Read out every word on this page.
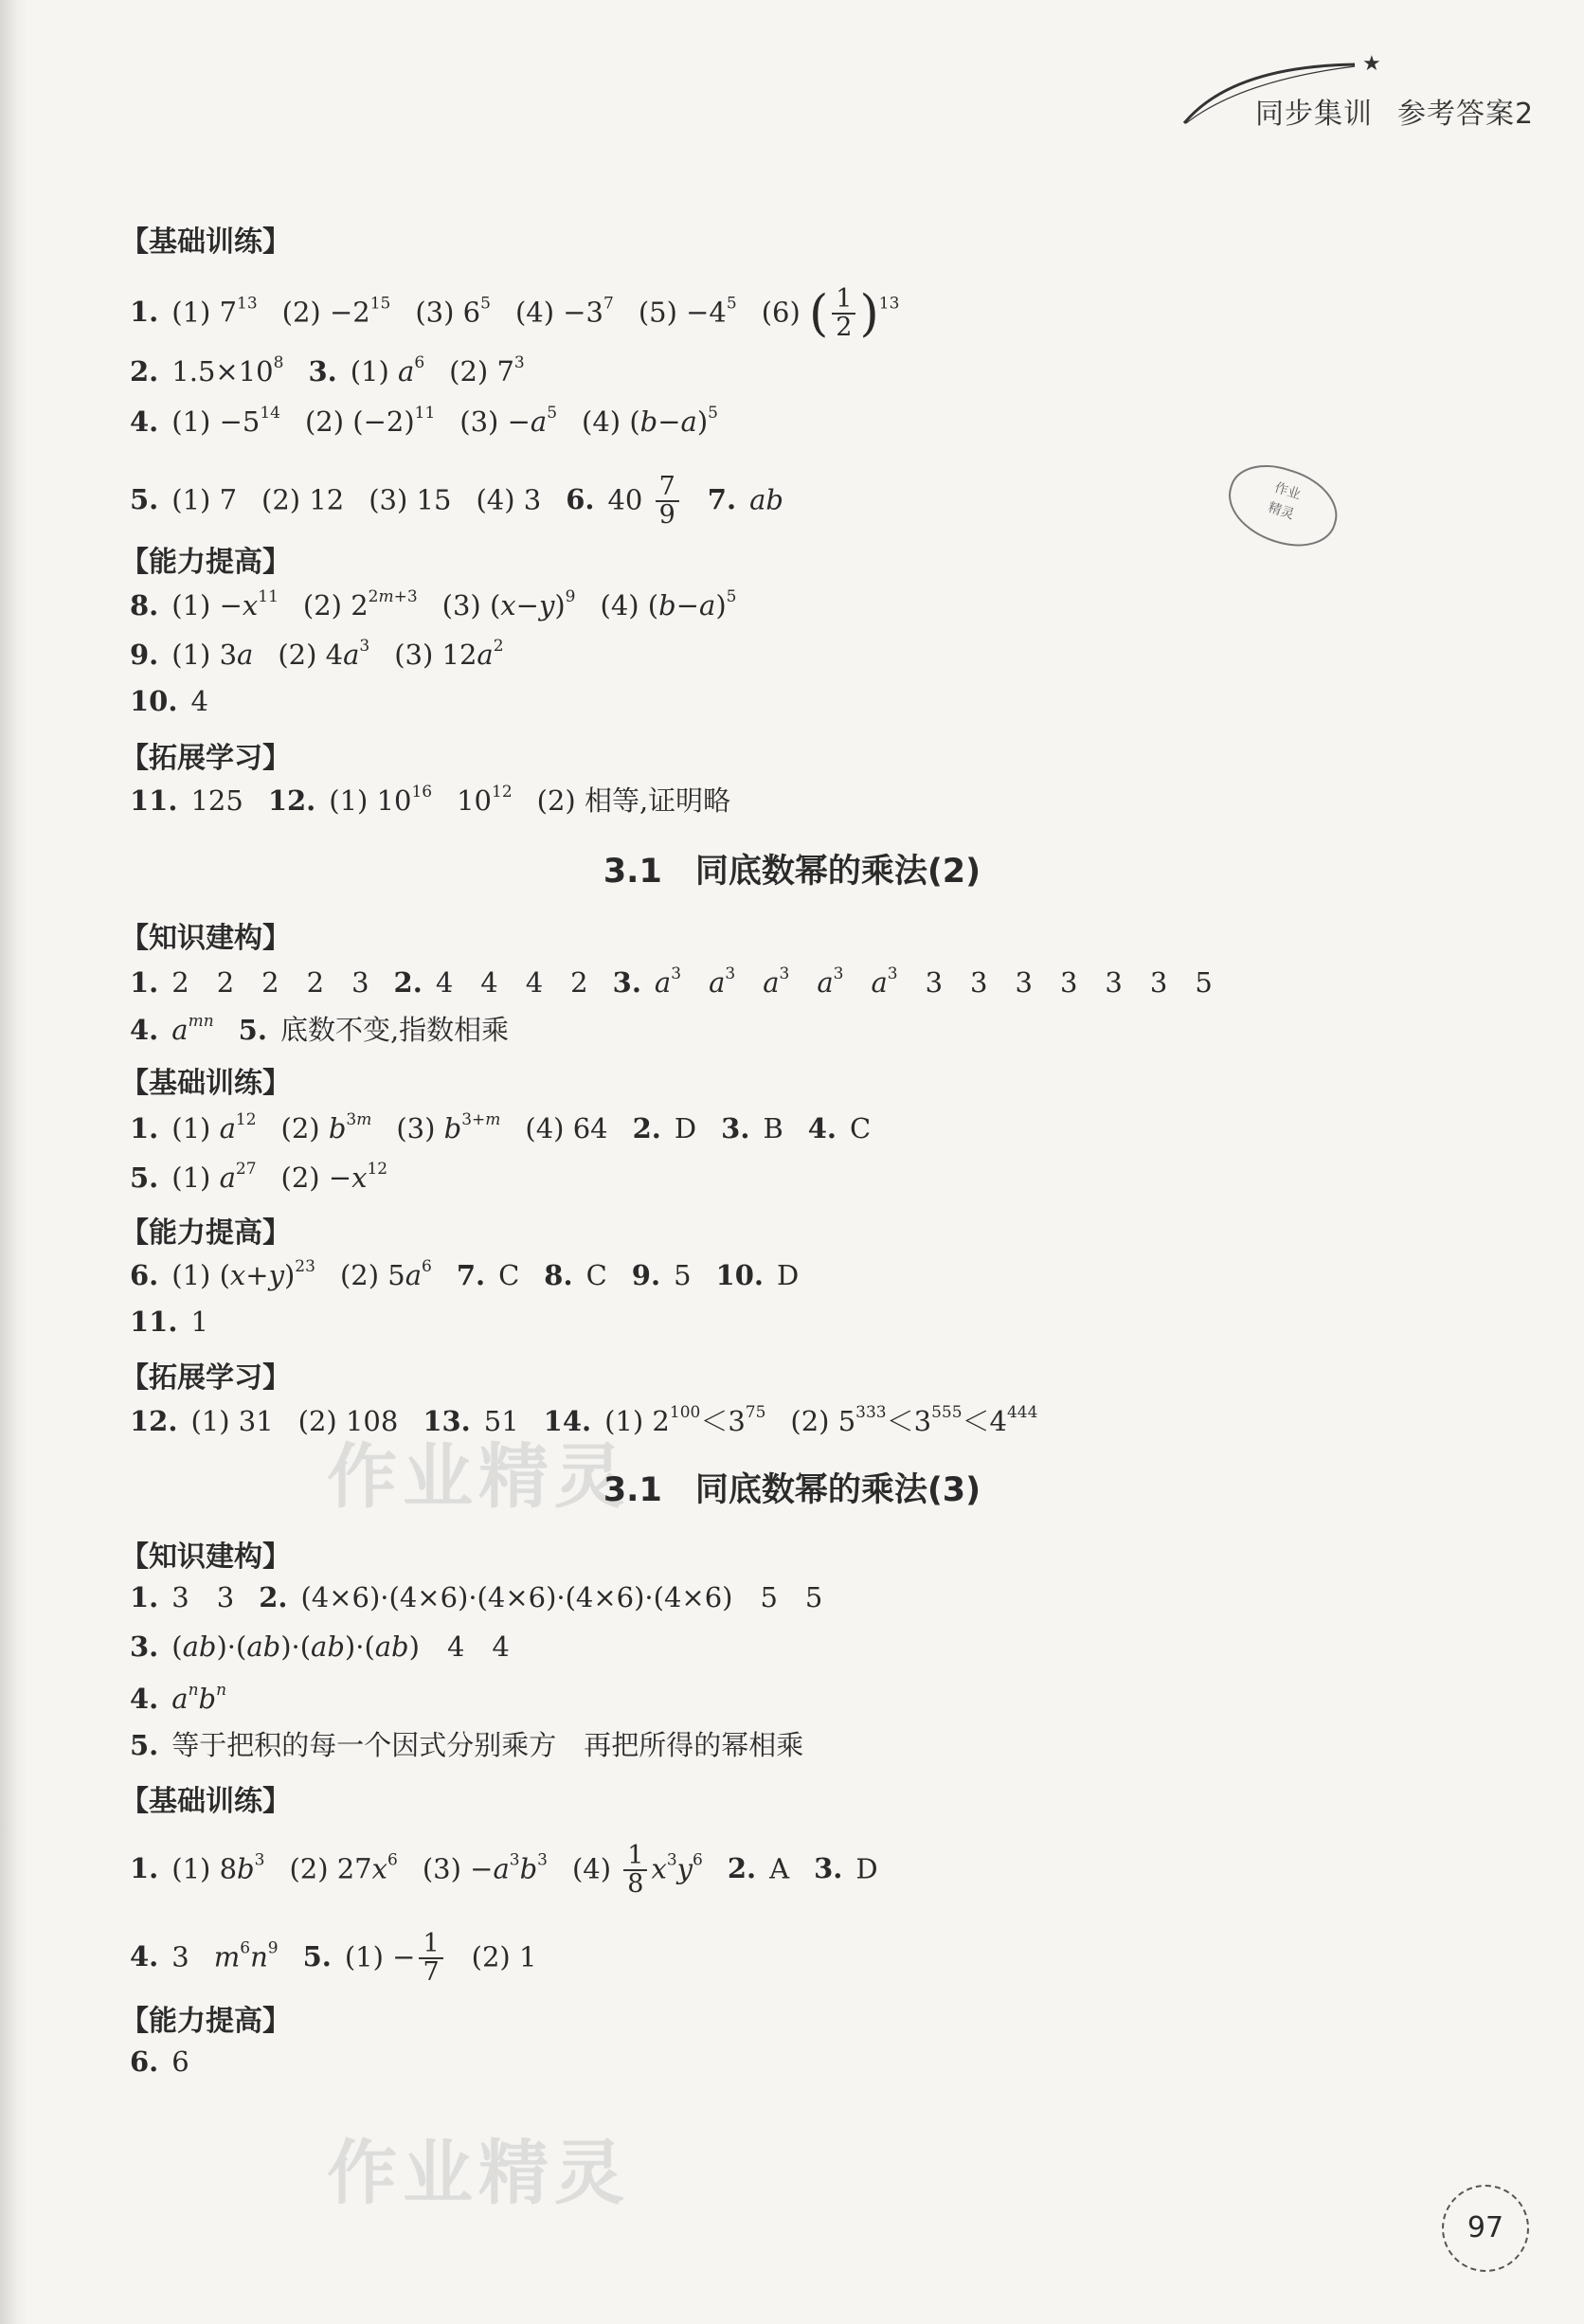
★
同步集训 参考答案2
【基础训练】
1. (1) $7^{13}$ $(2) -2^{15}$ (3) $6^5$ $(4) -3^7$ $(5) -4^5$ (6) ( $\frac{1}{2} )^{13}$
2. $1.5\times 10^8$ 3. (1) $a^6$ (2) $7^3$
4. $(1) -5^{14}$ (2) $(-2)^{11}$ $(3) -a^5$ (4) $(b-a)^5$
5. (1) 7 (2) 12 (3) 15 (4) 3 6. $40 \frac{7}{9} 7$. ab	作业
精灵
【能力提高】
8. $(1) -x^{11}$ (2) $2^{2m+3}$ (3) $(x-y)^9$ (4) $(b-a)^5$
9. (1) 3a (2) $4a^3$ (3) $12a^2$
10. 4
【拓展学习】
11. 125 12. (1) $10^{16}$ $10^{12}$ (2) 相等,证明略
3.1　同底数幂的乘法(2)
【知识建构】
1. 2　2　2　2　3 2. 4　4　4　2 3. $a^3$　 $a^3$　 $a^3$　 $a^3$　 $a^3$　3　3　3　3　3　3　5
4. $a^{mn}$ 5. 底数不变,指数相乘
【基础训练】
1. (1) $a^{12}$ (2) $b^{3m}$ (3) $b^{3+m}$ (4) 64 2. D 3. B 4. C
5. (1) $a^{27}$ $(2) -x^{12}$
【能力提高】
6. (1) $(x+y)^{23}$ (2) $5a^6$ 7. C 8. C 9. 5 10. D
11. 1
【拓展学习】
12. (1) 31 (2) 108 13. 51 14. (1) $2^{100}<3^{75}$ (2) $5^{333}<3^{555}<4^{444}$
作业精灵
3.1　同底数幂的乘法(3)
【知识建构】
1. 3　3 2. (4×6)·(4×6)·(4×6)·(4×6)·(4×6)　5　5
3. (ab)·(ab)·(ab)·(ab)　4　4
4. $a^nb^n$
5. 等于把积的每一个因式分别乘方　再把所得的幂相乘
【基础训练】
1. (1) $8b^3$ (2) $27x^6$ $(3) -a^3b^3$ $(4) \frac{1}{8} x^3y^6$ 2. A 3. D
4. 3 $m^6n^9$ 5. $(1) - \frac{1}{7} (2)$ 1
【能力提高】
6. 6
作业精灵
97
